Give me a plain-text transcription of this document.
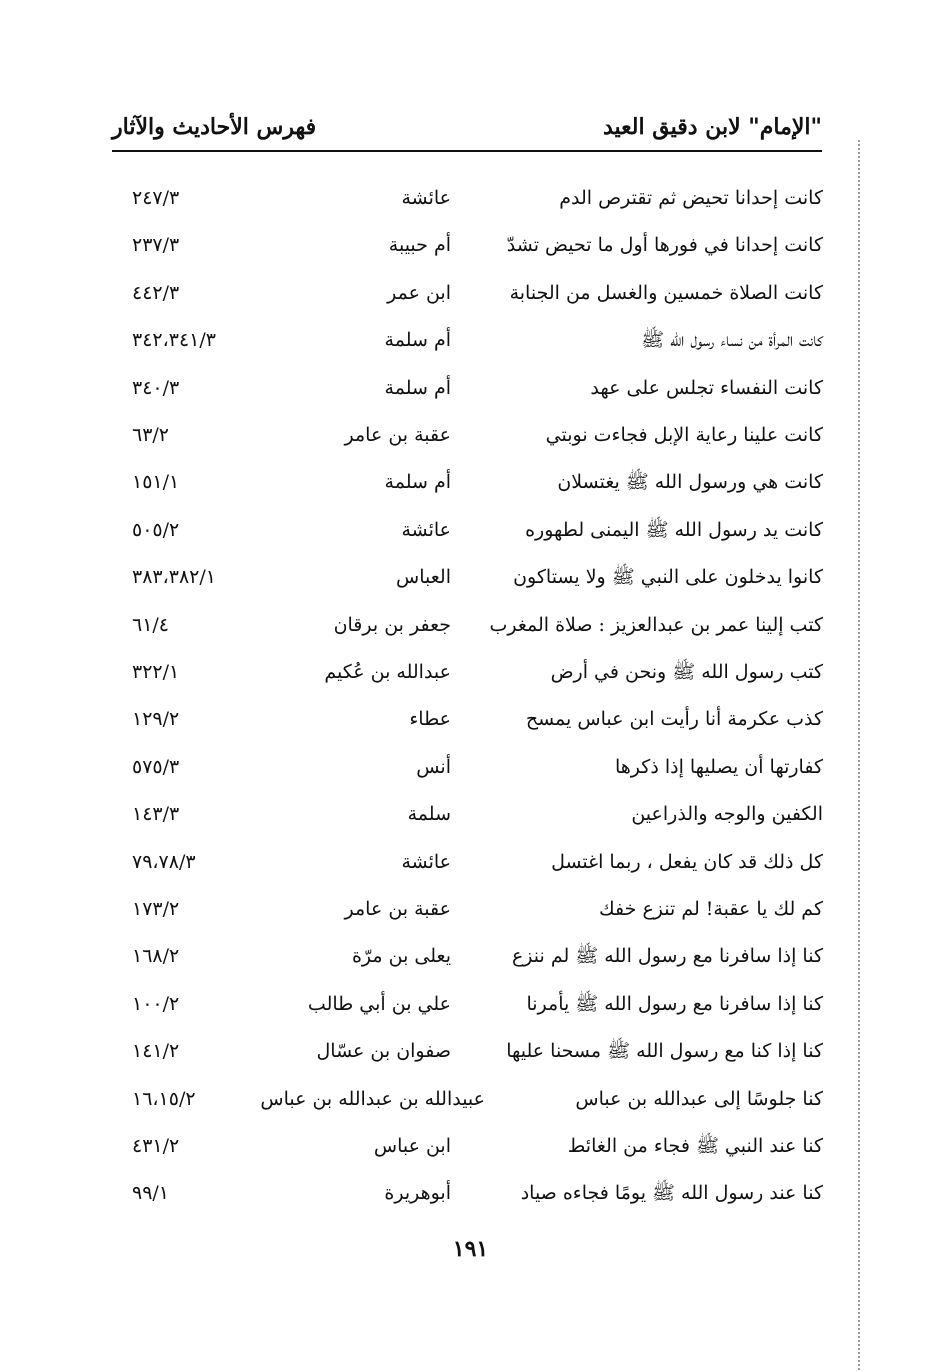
"الإمام" لابن دقيق العيد
فهرس الأحاديث والآثار
كانت إحدانا تحيض ثم تقترص الدم
عائشة
٢٤٧/٣
كانت إحدانا في فورها أول ما تحيض تشدّ
أم حبيبة
٢٣٧/٣
كانت الصلاة خمسين والغسل من الجنابة
ابن عمر
٤٤٢/٣
كانت المرأة من نساء رسول الله ﷺ
أم سلمة
٣٤٢،٣٤١/٣
كانت النفساء تجلس على عهد
أم سلمة
٣٤٠/٣
كانت علينا رعاية الإبل فجاءت نوبتي
عقبة بن عامر
٦٣/٢
كانت هي ورسول الله ﷺ يغتسلان
أم سلمة
١٥١/١
كانت يد رسول الله ﷺ اليمنى لطهوره
عائشة
٥٠٥/٢
كانوا يدخلون على النبي ﷺ ولا يستاكون
العباس
٣٨٣،٣٨٢/١
كتب إلينا عمر بن عبدالعزيز : صلاة المغرب
جعفر بن برقان
٦١/٤
كتب رسول الله ﷺ ونحن في أرض
عبدالله بن عُكيم
٣٢٢/١
كذب عكرمة أنا رأيت ابن عباس يمسح
عطاء
١٢٩/٢
كفارتها أن يصليها إذا ذكرها
أنس
٥٧٥/٣
الكفين والوجه والذراعين
سلمة
١٤٣/٣
كل ذلك قد كان يفعل ، ربما اغتسل
عائشة
٧٩،٧٨/٣
كم لك يا عقبة! لم تنزع خفك
عقبة بن عامر
١٧٣/٢
كنا إذا سافرنا مع رسول الله ﷺ لم ننزع
يعلى بن مرّة
١٦٨/٢
كنا إذا سافرنا مع رسول الله ﷺ يأمرنا
علي بن أبي طالب
١٠٠/٢
كنا إذا كنا مع رسول الله ﷺ مسحنا عليها
صفوان بن عسّال
١٤١/٢
كنا جلوسًا إلى عبدالله بن عباس
عبيدالله بن عبدالله بن عباس
١٦،١٥/٢
كنا عند النبي ﷺ فجاء من الغائط
ابن عباس
٤٣١/٢
كنا عند رسول الله ﷺ يومًا فجاءه صياد
أبوهريرة
٩٩/١
١٩١
